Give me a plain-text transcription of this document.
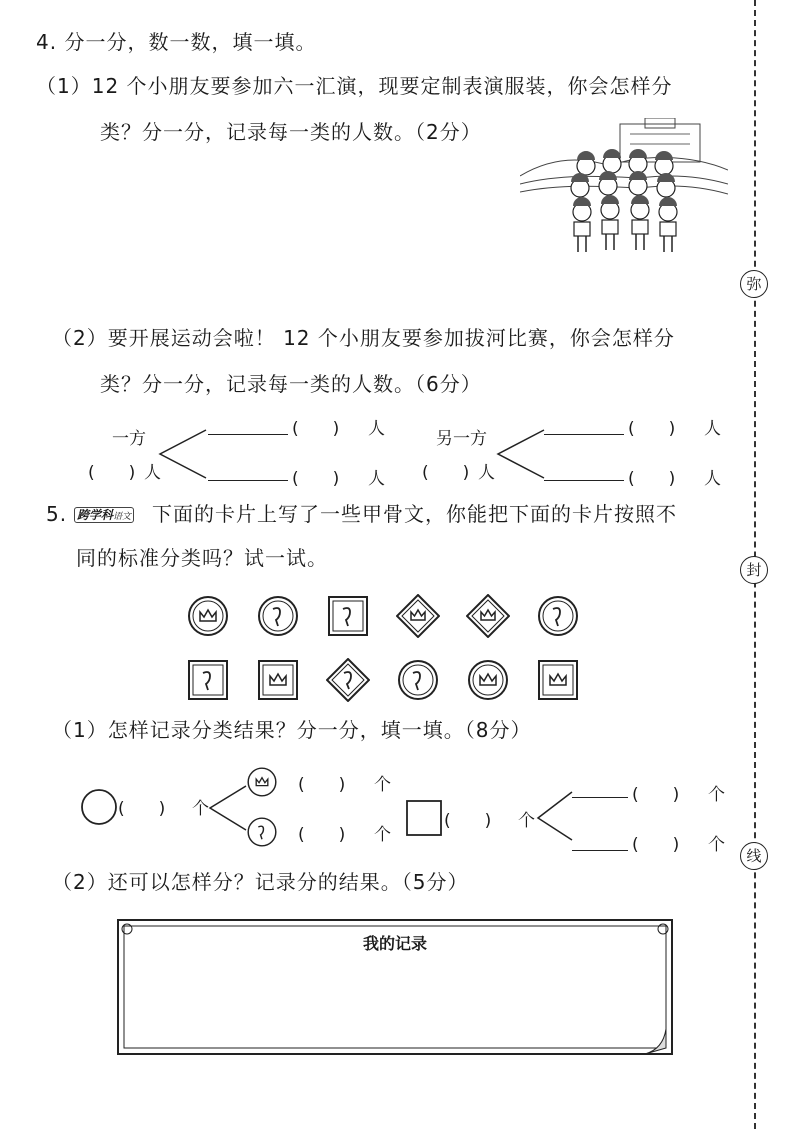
弥
封
线
4. 分一分，数一数，填一填。
（1）12 个小朋友要参加六一汇演，现要定制表演服装，你会怎样分
类？分一分，记录每一类的人数。（2分）
（2）要开展运动会啦！ 12 个小朋友要参加拔河比赛，你会怎样分
类？分一分，记录每一类的人数。（6分）
一方
(　　) 人
(　　) 人
(　　) 人
另一方
(　　) 人
(　　) 人
(　　) 人
5. 跨学科语文 下面的卡片上写了一些甲骨文，你能把下面的卡片按照不
同的标准分类吗？试一试。
（1）怎样记录分类结果？分一分，填一填。（8分）
(　　) 个
(　　) 个
(　　) 个
(　　) 个
(　　) 个
(　　) 个
（2）还可以怎样分？记录分的结果。（5分）
我的记录
